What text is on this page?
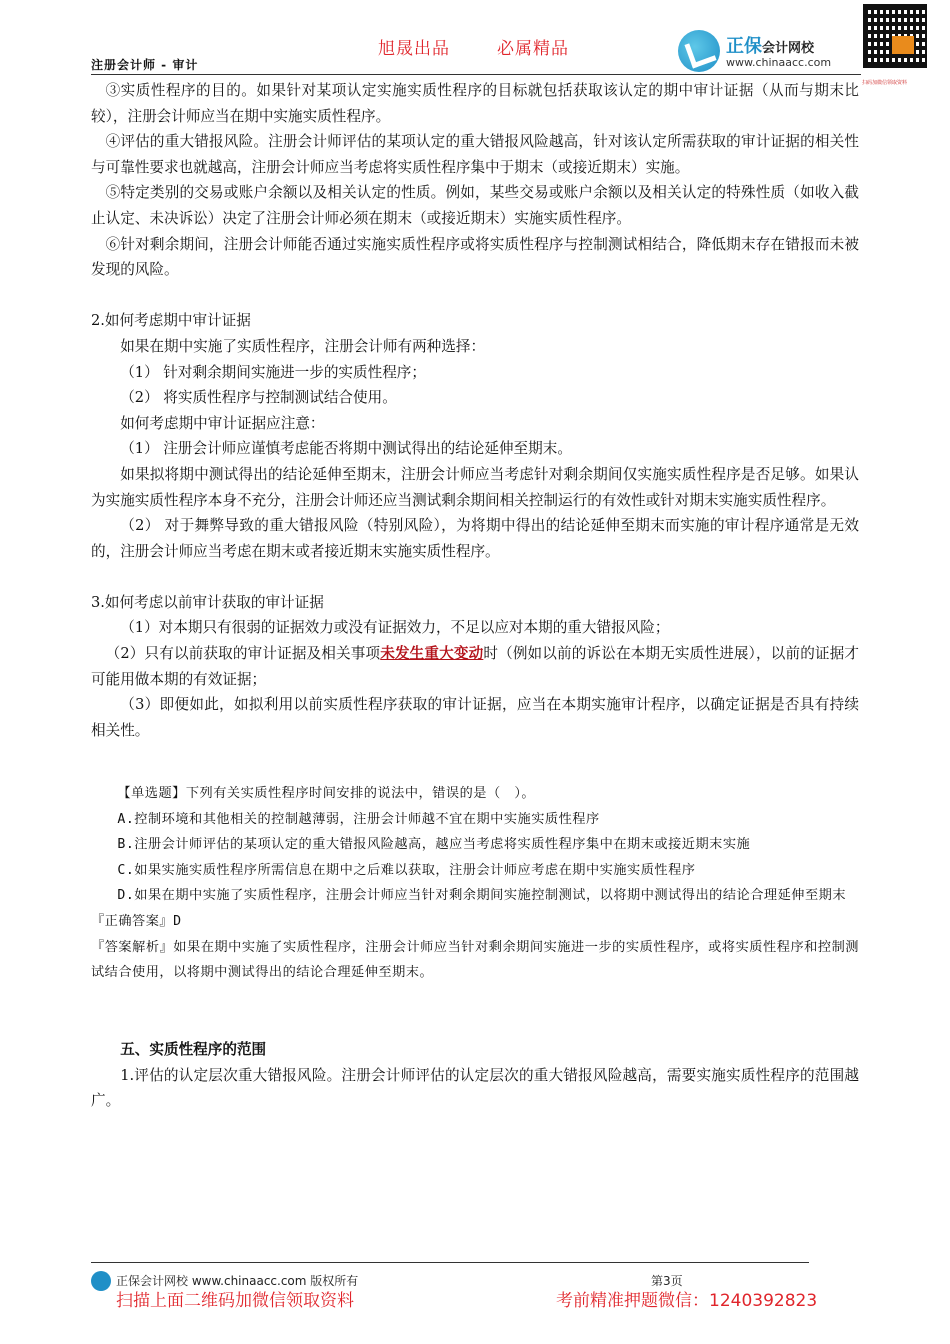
旭晟出品	必属精品
注册会计师 - 审计
正保会计网校
www.chinaacc.com
扫码加微信领取资料

③实质性程序的目的。如果针对某项认定实施实质性程序的目标就包括获取该认定的期中审计证据（从而与期末比较），注册会计师应当在期中实施实质性程序。

④评估的重大错报风险。注册会计师评估的某项认定的重大错报风险越高，针对该认定所需获取的审计证据的相关性与可靠性要求也就越高，注册会计师应当考虑将实质性程序集中于期末（或接近期末）实施。

⑤特定类别的交易或账户余额以及相关认定的性质。例如，某些交易或账户余额以及相关认定的特殊性质（如收入截止认定、未决诉讼）决定了注册会计师必须在期末（或接近期末）实施实质性程序。

⑥针对剩余期间，注册会计师能否通过实施实质性程序或将实质性程序与控制测试相结合，降低期末存在错报而未被发现的风险。

2.如何考虑期中审计证据

如果在期中实施了实质性程序，注册会计师有两种选择：

（1） 针对剩余期间实施进一步的实质性程序；

（2） 将实质性程序与控制测试结合使用。

如何考虑期中审计证据应注意：

（1） 注册会计师应谨慎考虑能否将期中测试得出的结论延伸至期末。

如果拟将期中测试得出的结论延伸至期末，注册会计师应当考虑针对剩余期间仅实施实质性程序是否足够。如果认为实施实质性程序本身不充分，注册会计师还应当测试剩余期间相关控制运行的有效性或针对期末实施实质性程序。

（2） 对于舞弊导致的重大错报风险（特别风险），为将期中得出的结论延伸至期末而实施的审计程序通常是无效的，注册会计师应当考虑在期末或者接近期末实施实质性程序。

3.如何考虑以前审计获取的审计证据

（1）对本期只有很弱的证据效力或没有证据效力，不足以应对本期的重大错报风险；

（2）只有以前获取的审计证据及相关事项未发生重大变动时（例如以前的诉讼在本期无实质性进展），以前的证据才可能用做本期的有效证据；

（3）即便如此，如拟利用以前实质性程序获取的审计证据，应当在本期实施审计程序，以确定证据是否具有持续相关性。

【单选题】下列有关实质性程序时间安排的说法中，错误的是（　）。

A.控制环境和其他相关的控制越薄弱，注册会计师越不宜在期中实施实质性程序

B.注册会计师评估的某项认定的重大错报风险越高，越应当考虑将实质性程序集中在期末或接近期末实施

C.如果实施实质性程序所需信息在期中之后难以获取，注册会计师应考虑在期中实施实质性程序

D.如果在期中实施了实质性程序，注册会计师应当针对剩余期间实施控制测试，以将期中测试得出的结论合理延伸至期末

『正确答案』D

『答案解析』如果在期中实施了实质性程序，注册会计师应当针对剩余期间实施进一步的实质性程序，或将实质性程序和控制测试结合使用，以将期中测试得出的结论合理延伸至期末。

五、实质性程序的范围

1.评估的认定层次重大错报风险。注册会计师评估的认定层次的重大错报风险越高，需要实施实质性程序的范围越广。

正保会计网校 www.chinaacc.com 版权所有	第3页
扫描上面二维码加微信领取资料	考前精准押题微信：1240392823
